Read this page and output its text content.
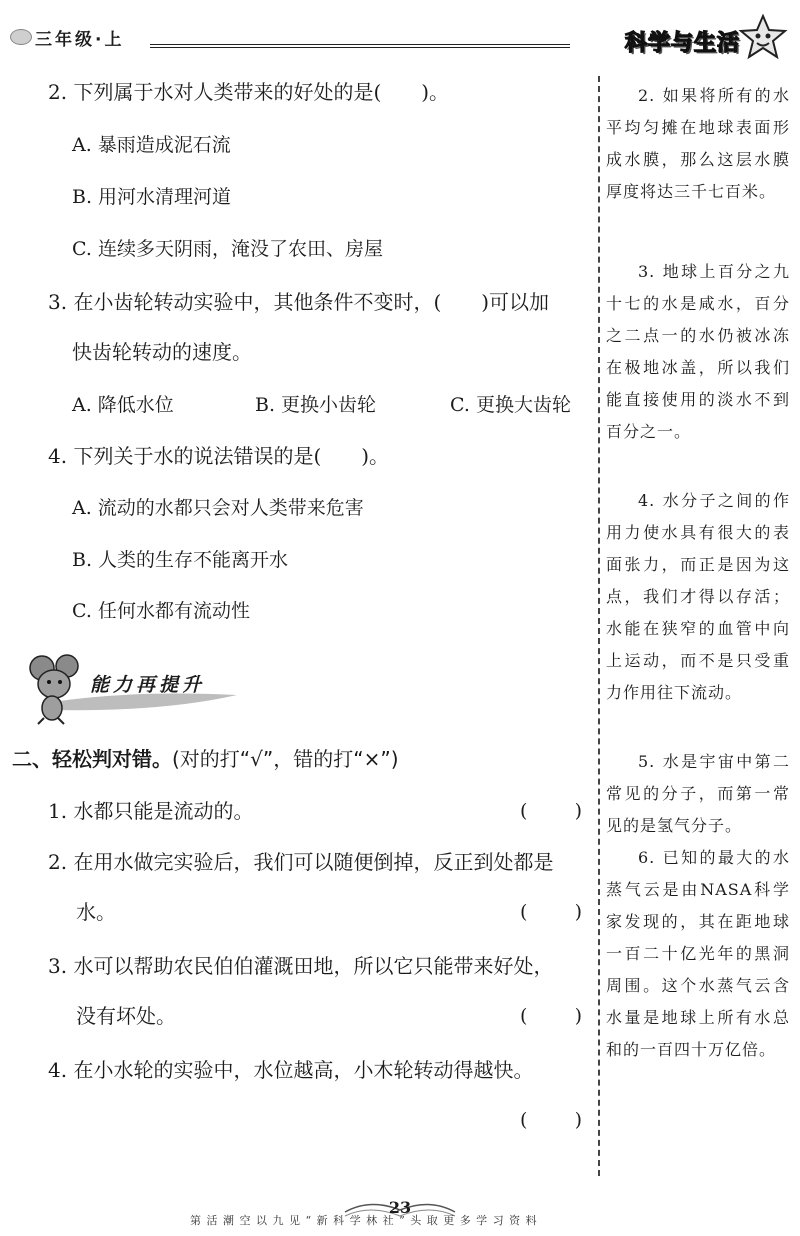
三年级·上	科学与生活
2. 下列属于水对人类带来的好处的是(　　)。
A. 暴雨造成泥石流
B. 用河水清理河道
C. 连续多天阴雨，淹没了农田、房屋
3. 在小齿轮转动实验中，其他条件不变时，(　　)可以加
快齿轮转动的速度。
A. 降低水位	B. 更换小齿轮	C. 更换大齿轮
4. 下列关于水的说法错误的是(　　)。
A. 流动的水都只会对人类带来危害
B. 人类的生存不能离开水
C. 任何水都有流动性
能力再提升
二、轻松判对错。(对的打“√”，错的打“×”)
1. 水都只能是流动的。	( )
2. 在用水做完实验后，我们可以随便倒掉，反正到处都是
水。	( )
3. 水可以帮助农民伯伯灌溉田地，所以它只能带来好处，
没有坏处。	( )
4. 在小水轮的实验中，水位越高，小木轮转动得越快。
( )
2. 如果将所有的水平均匀摊在地球表面形成水膜，那么这层水膜厚度将达三千七百米。
3. 地球上百分之九十七的水是咸水，百分之二点一的水仍被冰冻在极地冰盖，所以我们能直接使用的淡水不到百分之一。
4. 水分子之间的作用力使水具有很大的表面张力，而正是因为这点，我们才得以存活；水能在狭窄的血管中向上运动，而不是只受重力作用往下流动。
5. 水是宇宙中第二常见的分子，而第一常见的是氢气分子。
6. 已知的最大的水蒸气云是由NASA科学家发现的，其在距地球一百二十亿光年的黑洞周围。这个水蒸气云含水量是地球上所有水总和的一百四十万亿倍。
23
第 活 潮 空 以 九 见 “ 新 科 学 林 社 ” 头 取 更 多 学 习 资 料
